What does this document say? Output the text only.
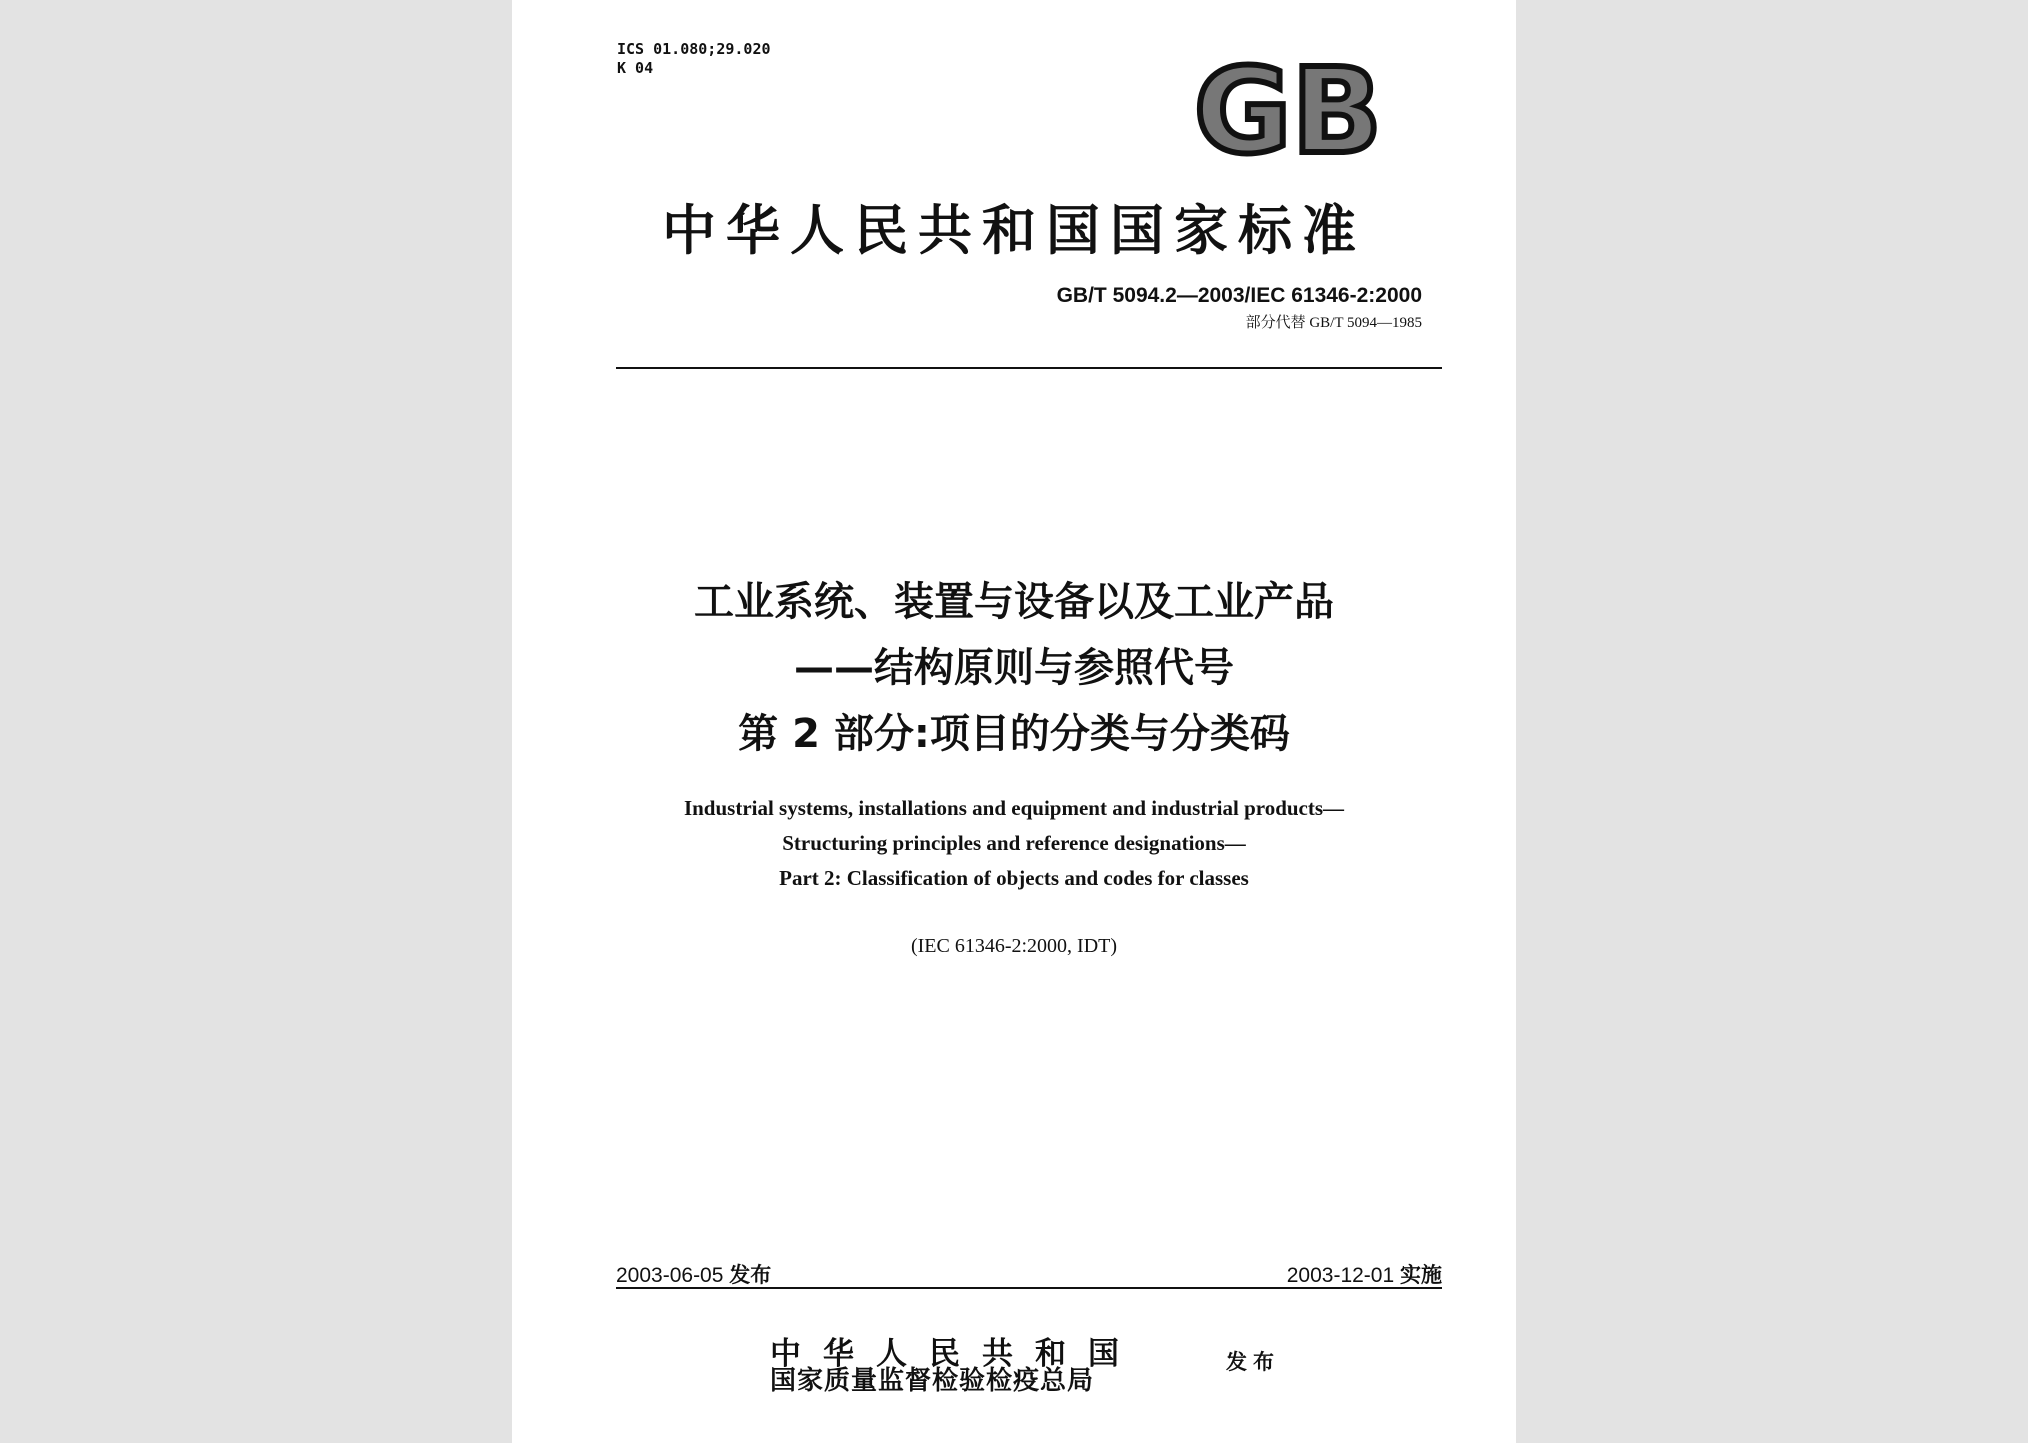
ICS 01.080;29.020
K 04	GB
中华人民共和国国家标准
GB/T 5094.2—2003/IEC 61346-2:2000
部分代替 GB/T 5094—1985
工业系统、装置与设备以及工业产品
——结构原则与参照代号
第 2 部分:项目的分类与分类码
Industrial systems, installations and equipment and industrial products—
Structuring principles and reference designations—
Part 2: Classification of objects and codes for classes
(IEC 61346-2:2000, IDT)
2003-06-05 发布	2003-12-01 实施
中华人民共和国
国家质量监督检验检疫总局
发布
